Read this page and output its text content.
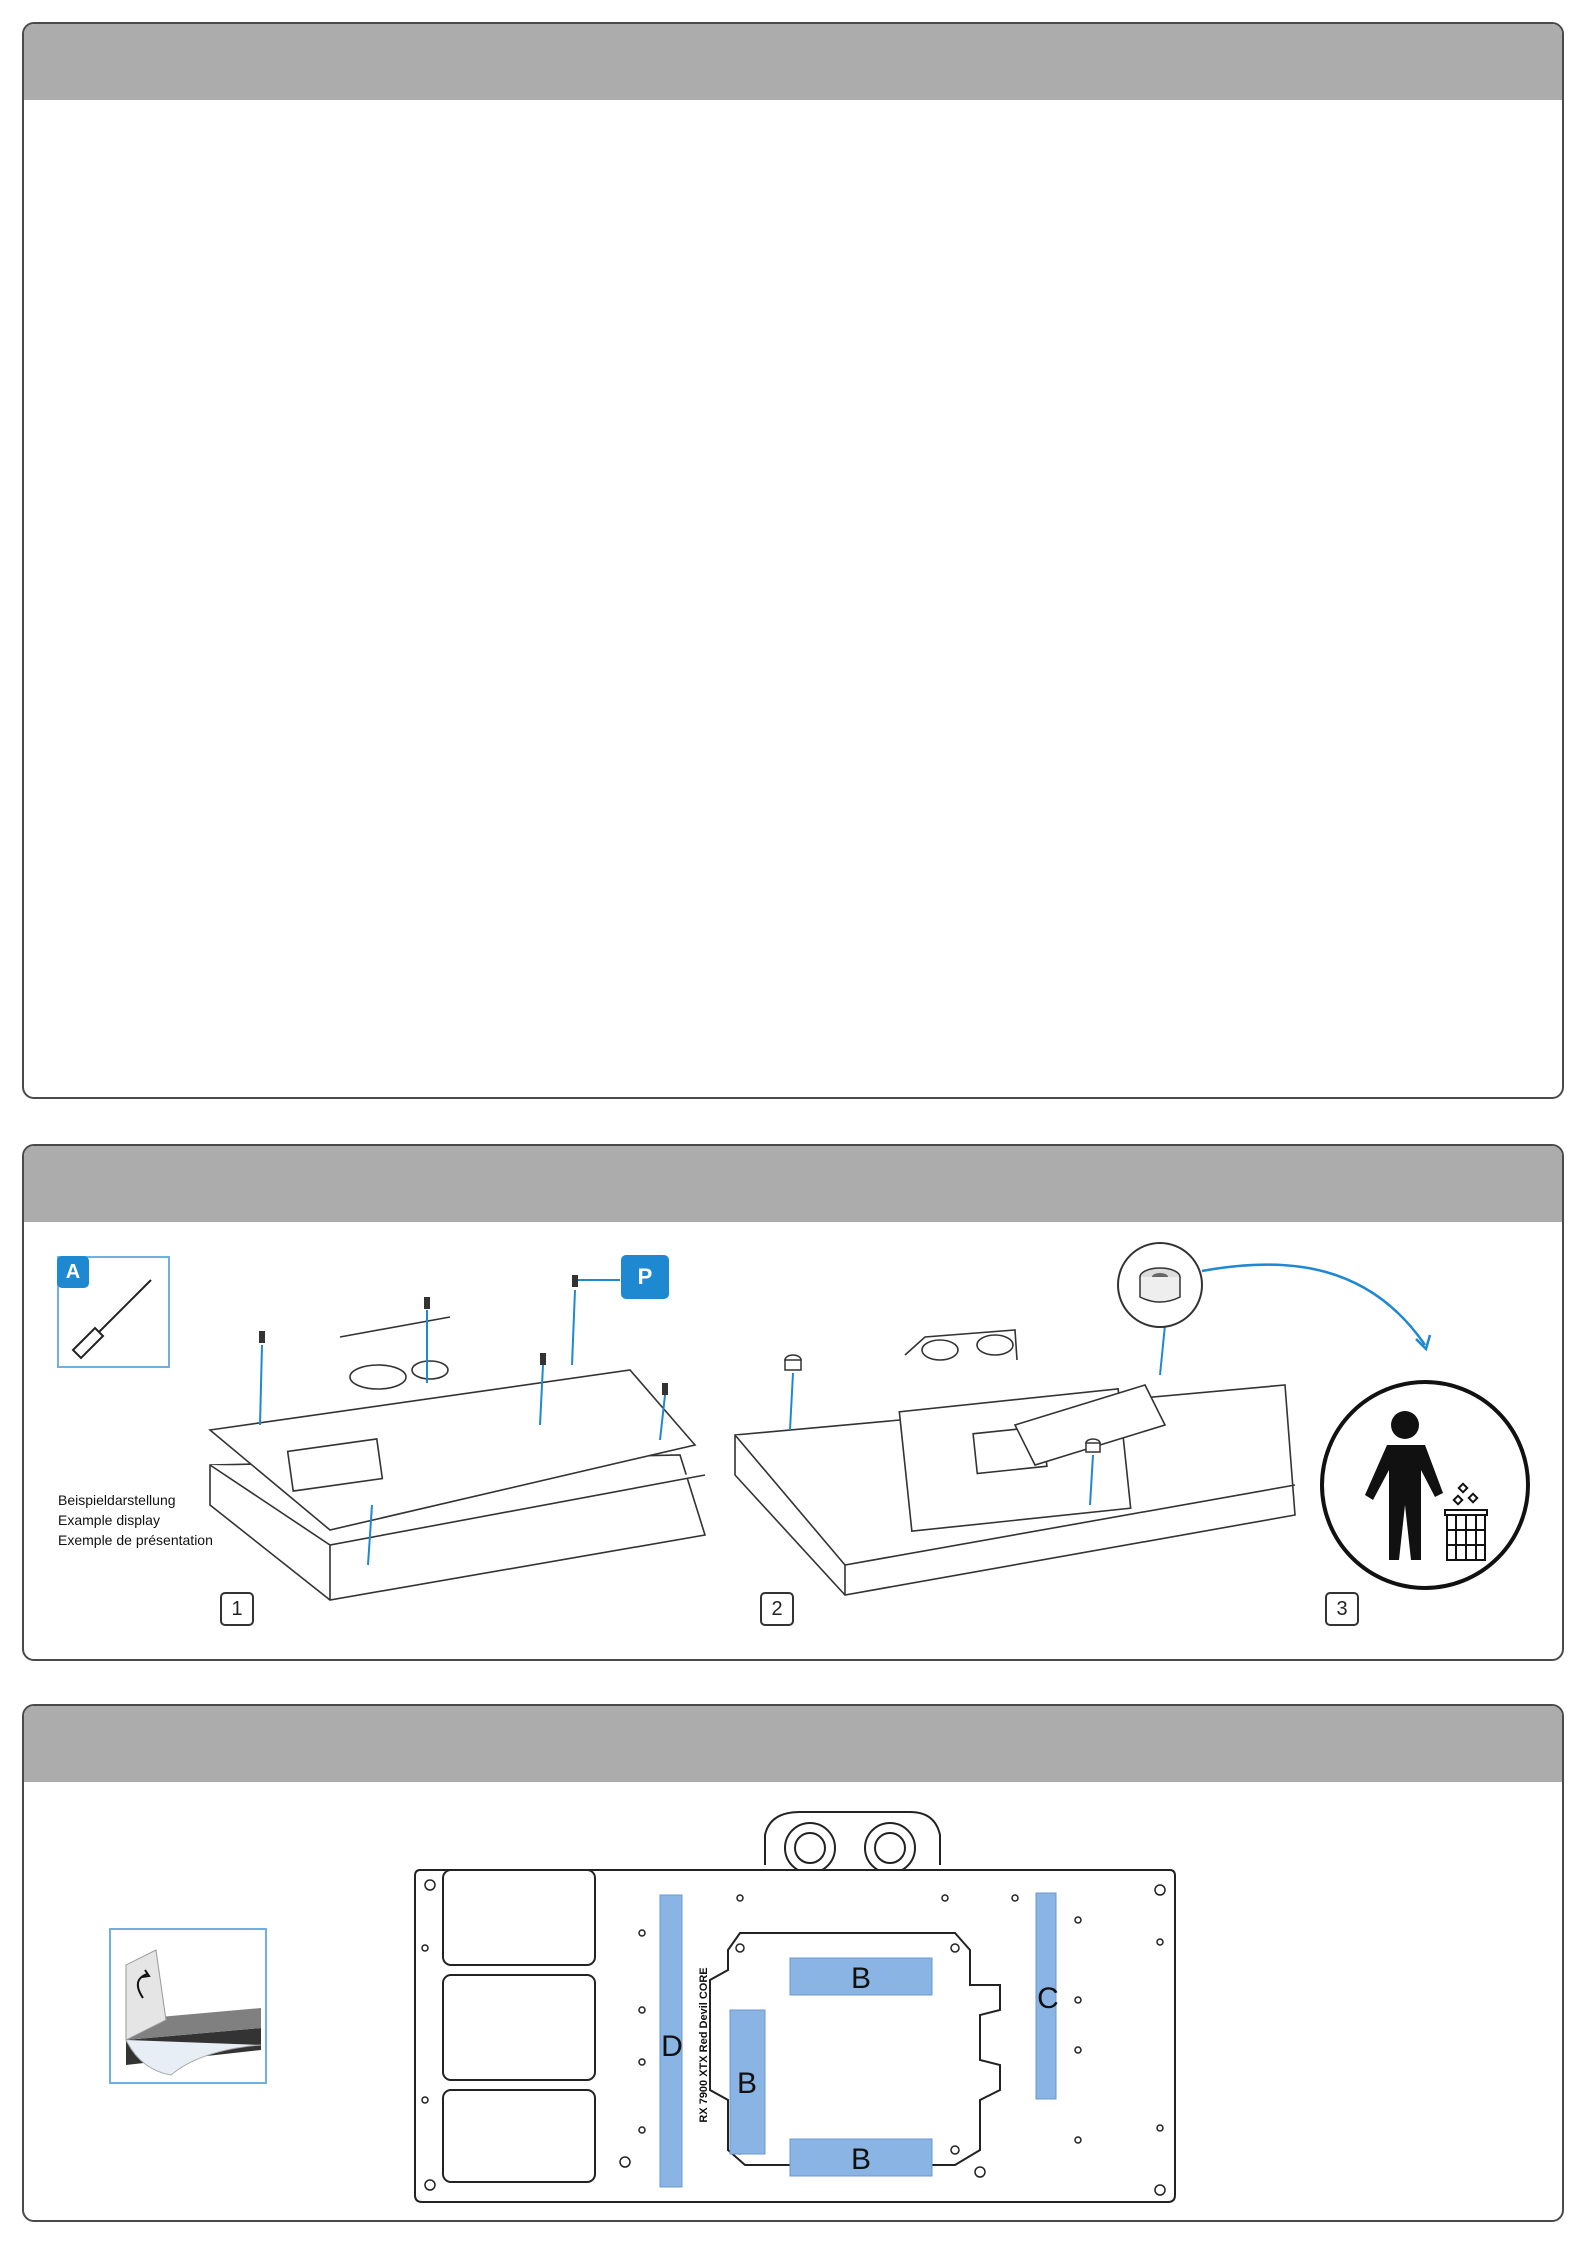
A
Beispieldarstellung
Example display
Exemple de présentation
P
1	2	3
B
B
B
C
D RX 7900 XTX Red Devil CORE
